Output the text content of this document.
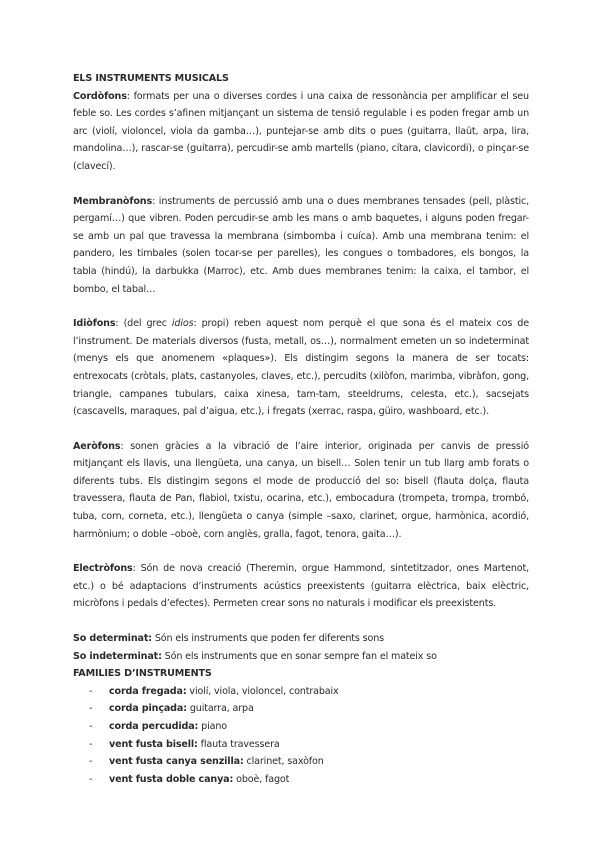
ELS INSTRUMENTS MUSICALS

Cordòfons: formats per una o diverses cordes i una caixa de ressonància per amplificar el seu feble so. Les cordes s’afinen mitjançant un sistema de tensió regulable i es poden fregar amb un arc (violí, violoncel, viola da gamba…), puntejar-se amb dits o pues (guitarra, llaüt, arpa, lira, mandolina…), rascar-se (guitarra), percudir-se amb martells (piano, cítara, clavicordi), o pinçar-se (clavecí).

Membranòfons: instruments de percussió amb una o dues membranes tensades (pell, plàstic, pergamí…) que vibren. Poden percudir-se amb les mans o amb baquetes, i alguns poden fregar-se amb un pal que travessa la membrana (simbomba i cuíca). Amb una membrana tenim: el pandero, les timbales (solen tocar-se per parelles), les congues o tombadores, els bongos, la tabla (hindú), la darbukka (Marroc), etc. Amb dues membranes tenim: la caixa, el tambor, el bombo, el tabal…

Idiòfons: (del grec idios: propi) reben aquest nom perquè el que sona és el mateix cos de l’instrument. De materials diversos (fusta, metall, os…), normalment emeten un so indeterminat (menys els que anomenem «plaques»). Els distingim segons la manera de ser tocats: entrexocats (cròtals, plats, castanyoles, claves, etc.), percudits (xilòfon, marimba, vibràfon, gong, triangle, campanes tubulars, caixa xinesa, tam-tam, steeldrums, celesta, etc.), sacsejats (cascavells, maraques, pal d’aigua, etc.), i fregats (xerrac, raspa, güiro, washboard, etc.).

Aeròfons: sonen gràcies a la vibració de l’aire interior, originada per canvis de pressió mitjançant els llavis, una llengüeta, una canya, un bisell… Solen tenir un tub llarg amb forats o diferents tubs. Els distingim segons el mode de producció del so: bisell (flauta dolça, flauta travessera, flauta de Pan, flabiol, txistu, ocarina, etc.), embocadura (trompeta, trompa, trombó, tuba, corn, corneta, etc.), llengüeta o canya (simple –saxo, clarinet, orgue, harmònica, acordió, harmònium; o doble –oboè, corn anglès, gralla, fagot, tenora, gaita…).

Electròfons: Són de nova creació (Theremin, orgue Hammond, sintetitzador, ones Martenot, etc.) o bé adaptacions d’instruments acústics preexistents (guitarra elèctrica, baix elèctric, micròfons i pedals d’efectes). Permeten crear sons no naturals i modificar els preexistents.

So determinat: Són els instruments que poden fer diferents sons

So indeterminat: Són els instruments que en sonar sempre fan el mateix so

FAMILIES D’INSTRUMENTS

- corda fregada: violí, viola, violoncel, contrabaix
- corda pinçada: guitarra, arpa
- corda percudida: piano
- vent fusta bisell: flauta travessera
- vent fusta canya senzilla: clarinet, saxòfon
- vent fusta doble canya: oboè, fagot
